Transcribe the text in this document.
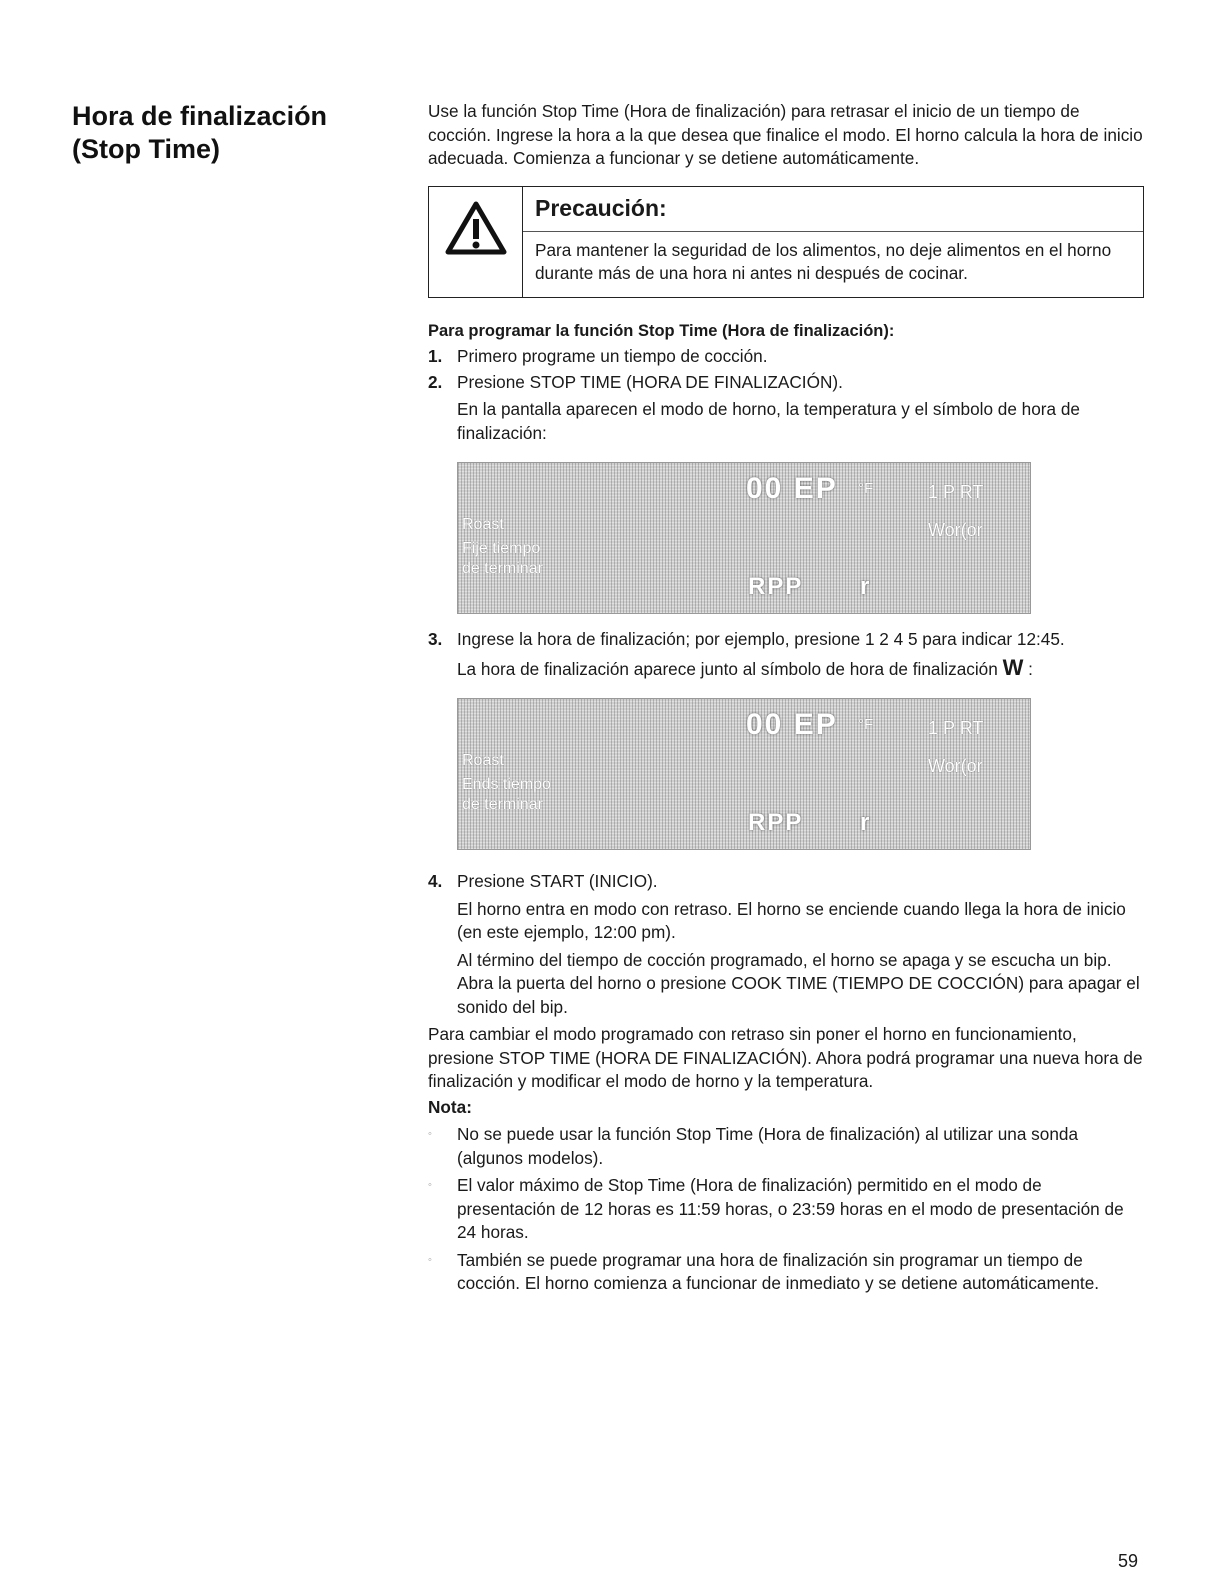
Hora de finalización
(Stop Time)

Use la función Stop Time (Hora de finalización) para retrasar el inicio de un tiempo de cocción. Ingrese la hora a la que desea que finalice el modo. El horno calcula la hora de inicio adecuada. Comienza a funcionar y se detiene automáticamente.

Precaución:
Para mantener la seguridad de los alimentos, no deje alimentos en el horno durante más de una hora ni antes ni después de cocinar.
Para programar la función Stop Time (Hora de finalización):
1. Primero programe un tiempo de cocción.
2. Presione STOP TIME (HORA DE FINALIZACIÓN).
En la pantalla aparecen el modo de horno, la temperatura y el símbolo de hora de finalización:
Roast
Fije tiempo
de terminar
00 EP °F	1 P RT
Wor(or
RPP r
3. Ingrese la hora de finalización; por ejemplo, presione 1 2 4 5 para indicar 12:45.
La hora de finalización aparece junto al símbolo de hora de finalización W :
Roast
Ends tiempo
de terminar
00 EP °F	1 P RT
Wor(or
RPP r
4. Presione START (INICIO).
El horno entra en modo con retraso. El horno se enciende cuando llega la hora de inicio (en este ejemplo, 12:00 pm).
Al término del tiempo de cocción programado, el horno se apaga y se escucha un bip. Abra la puerta del horno o presione COOK TIME (TIEMPO DE COCCIÓN) para apagar el sonido del bip.
Para cambiar el modo programado con retraso sin poner el horno en funcionamiento, presione STOP TIME (HORA DE FINALIZACIÓN). Ahora podrá programar una nueva hora de finalización y modificar el modo de horno y la temperatura.
Nota:
◦	No se puede usar la función Stop Time (Hora de finalización) al utilizar una sonda (algunos modelos).
◦	El valor máximo de Stop Time (Hora de finalización) permitido en el modo de presentación de 12 horas es 11:59 horas, o 23:59 horas en el modo de presentación de 24 horas.
◦	También se puede programar una hora de finalización sin programar un tiempo de cocción. El horno comienza a funcionar de inmediato y se detiene automáticamente.
59
